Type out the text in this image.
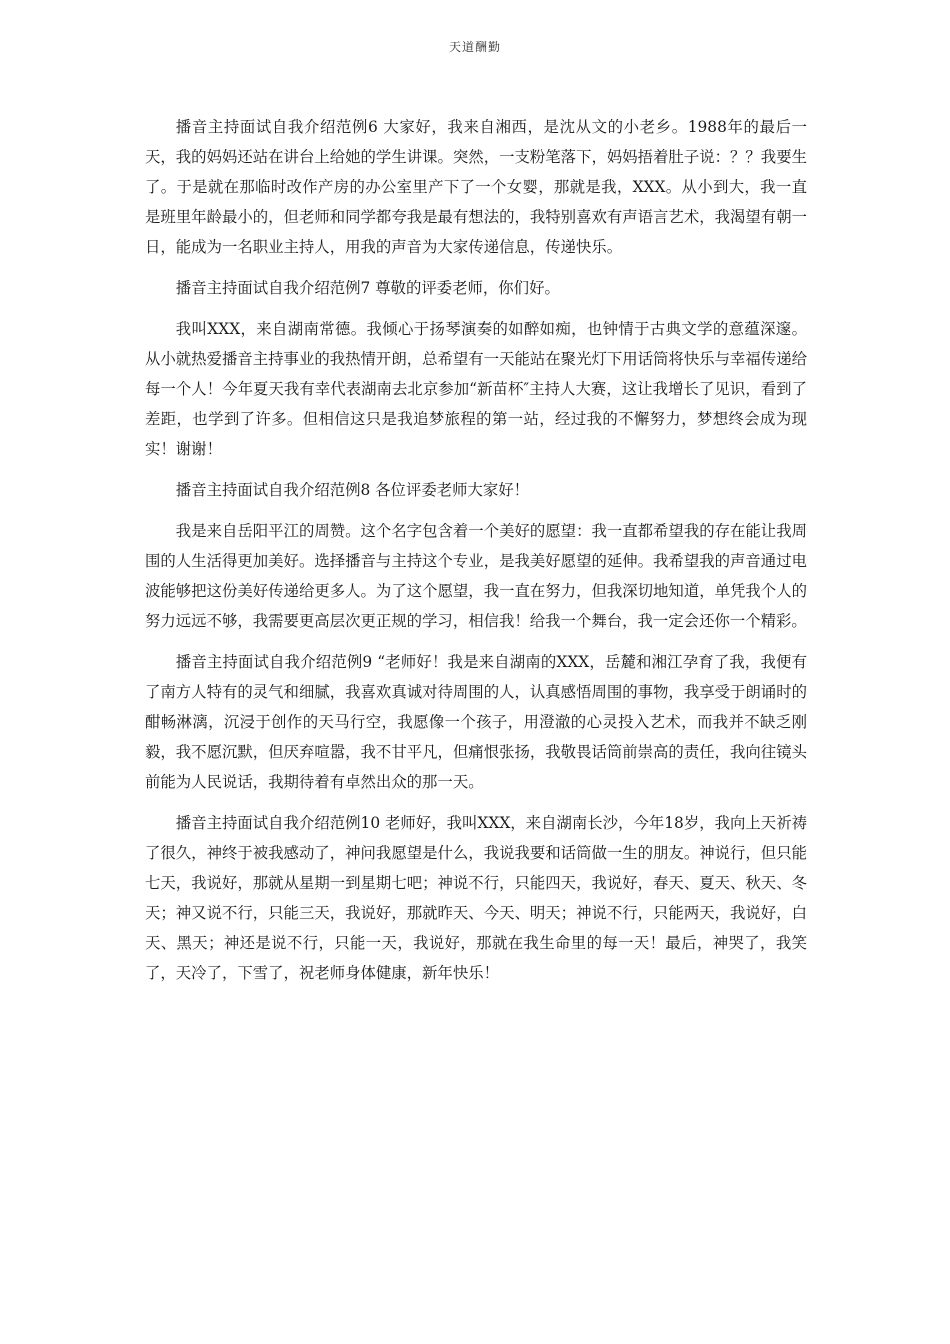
天道酬勤

播音主持面试自我介绍范例6 大家好，我来自湘西，是沈从文的小老乡。1988年的最后一天，我的妈妈还站在讲台上给她的学生讲课。突然，一支粉笔落下，妈妈捂着肚子说：？？我要生了。于是就在那临时改作产房的办公室里产下了一个女婴，那就是我，XXX。从小到大，我一直是班里年龄最小的，但老师和同学都夸我是最有想法的，我特别喜欢有声语言艺术，我渴望有朝一日，能成为一名职业主持人，用我的声音为大家传递信息，传递快乐。

播音主持面试自我介绍范例7 尊敬的评委老师，你们好。

我叫XXX，来自湖南常德。我倾心于扬琴演奏的如醉如痴，也钟情于古典文学的意蕴深邃。从小就热爱播音主持事业的我热情开朗，总希望有一天能站在聚光灯下用话筒将快乐与幸福传递给每一个人！今年夏天我有幸代表湖南去北京参加“新苗杯″主持人大赛，这让我增长了见识，看到了差距，也学到了许多。但相信这只是我追梦旅程的第一站，经过我的不懈努力，梦想终会成为现实！谢谢！

播音主持面试自我介绍范例8 各位评委老师大家好！

我是来自岳阳平江的周赞。这个名字包含着一个美好的愿望：我一直都希望我的存在能让我周围的人生活得更加美好。选择播音与主持这个专业，是我美好愿望的延伸。我希望我的声音通过电波能够把这份美好传递给更多人。为了这个愿望，我一直在努力，但我深切地知道，单凭我个人的努力远远不够，我需要更高层次更正规的学习，相信我！给我一个舞台，我一定会还你一个精彩。

播音主持面试自我介绍范例9 “老师好！我是来自湖南的XXX，岳麓和湘江孕育了我，我便有了南方人特有的灵气和细腻，我喜欢真诚对待周围的人，认真感悟周围的事物，我享受于朗诵时的酣畅淋漓，沉浸于创作的天马行空，我愿像一个孩子，用澄澈的心灵投入艺术，而我并不缺乏刚毅，我不愿沉默，但厌弃喧嚣，我不甘平凡，但痛恨张扬，我敬畏话筒前崇高的责任，我向往镜头前能为人民说话，我期待着有卓然出众的那一天。

播音主持面试自我介绍范例10 老师好，我叫XXX，来自湖南长沙，今年18岁，我向上天祈祷了很久，神终于被我感动了，神问我愿望是什么，我说我要和话筒做一生的朋友。神说行，但只能七天，我说好，那就从星期一到星期七吧；神说不行，只能四天，我说好，春天、夏天、秋天、冬天；神又说不行，只能三天，我说好，那就昨天、今天、明天；神说不行，只能两天，我说好，白天、黑天；神还是说不行，只能一天，我说好，那就在我生命里的每一天！最后，神哭了，我笑了，天冷了，下雪了，祝老师身体健康，新年快乐！
